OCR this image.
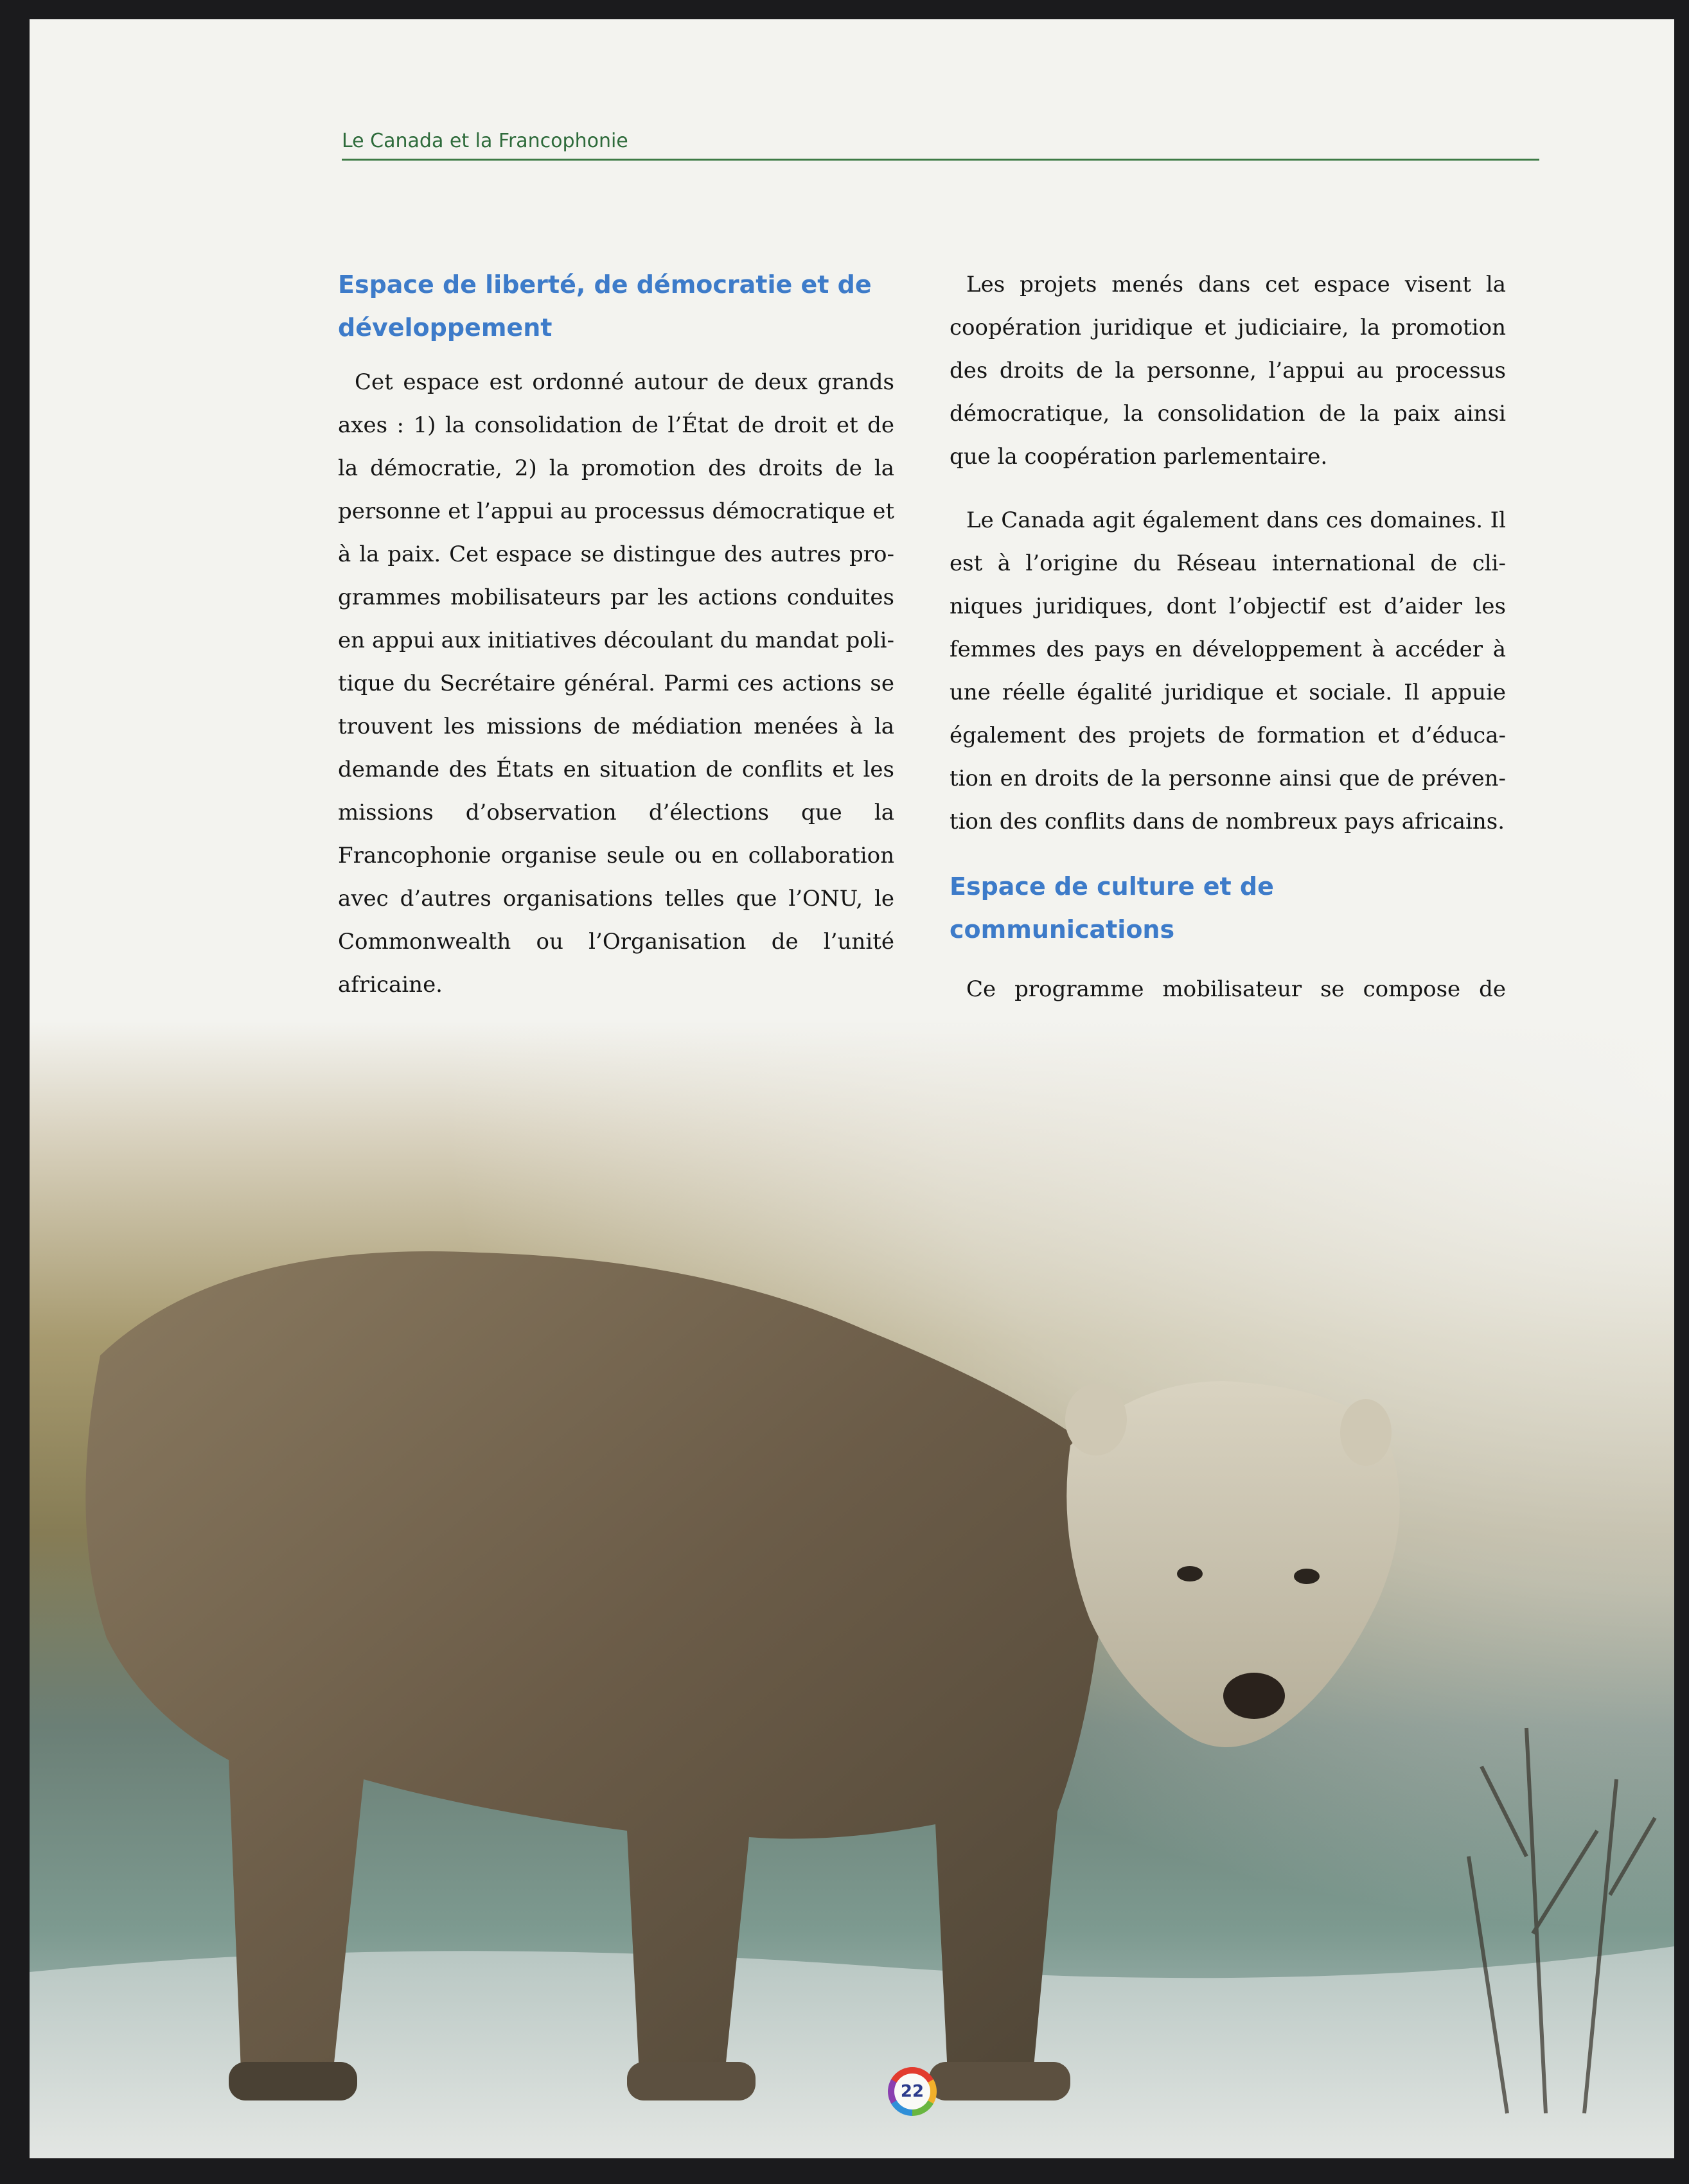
Le Canada et la Francophonie
Espace de liberté, de démocratie et de développement

Cet espace est ordonné autour de deux grands axes : 1) la consolidation de l’État de droit et de la démocratie, 2) la promotion des droits de la personne et l’appui au processus démocratique et à la paix. Cet espace se distingue des autres programmes mobilisateurs par les actions conduites en appui aux initiatives découlant du mandat politique du Secrétaire général. Parmi ces actions se trouvent les missions de médiation menées à la demande des États en situation de conflits et les missions d’observation d’élections que la Francophonie organise seule ou en collaboration avec d’autres organisations telles que l’ONU, le Commonwealth ou l’Organisation de l’unité africaine.

Les projets menés dans cet espace visent la coopération juridique et judiciaire, la promotion des droits de la personne, l’appui au processus démocratique, la consolidation de la paix ainsi que la coopération parlementaire.

Le Canada agit également dans ces domaines. Il est à l’origine du Réseau international de cliniques juridiques, dont l’objectif est d’aider les femmes des pays en développement à accéder à une réelle égalité juridique et sociale. Il appuie également des projets de formation et d’éducation en droits de la personne ainsi que de prévention des conflits dans de nombreux pays africains.

Espace de culture et de communications

Ce programme mobilisateur se compose de

22
